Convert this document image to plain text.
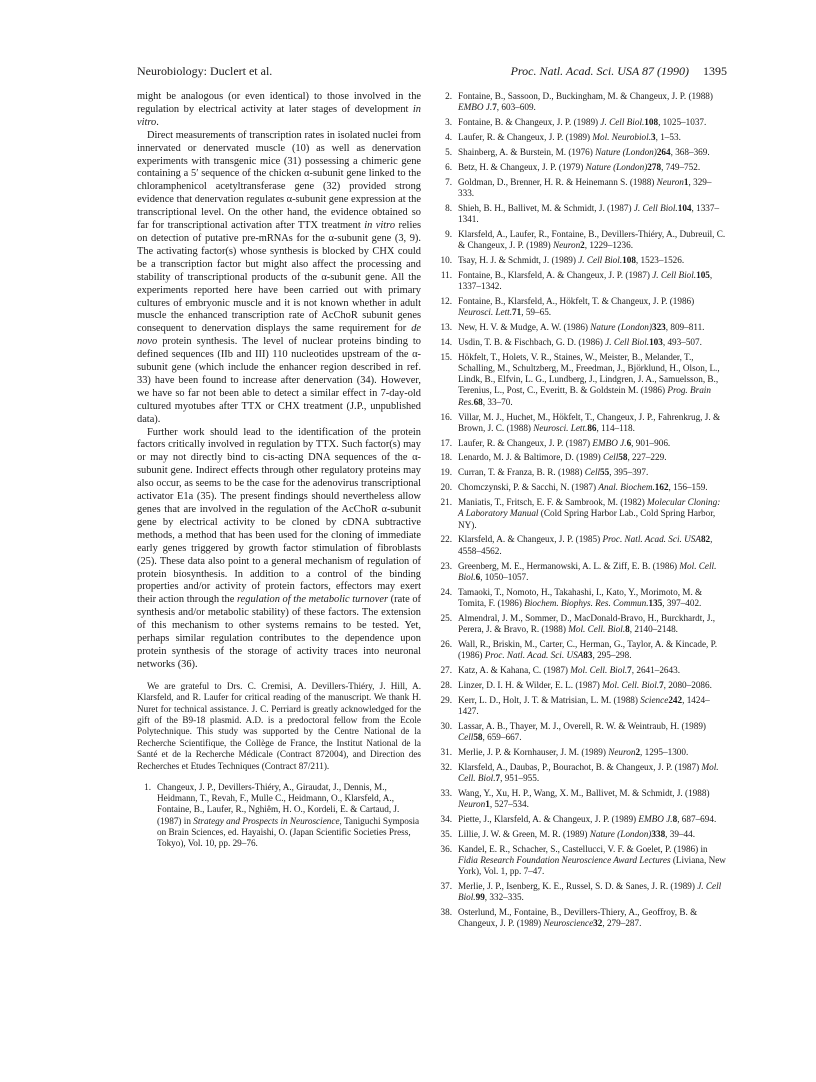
Neurobiology: Duclert et al.	Proc. Natl. Acad. Sci. USA 87 (1990) 1395

might be analogous (or even identical) to those involved in the regulation by electrical activity at later stages of development in vitro.

Direct measurements of transcription rates in isolated nuclei from innervated or denervated muscle (10) as well as denervation experiments with transgenic mice (31) possessing a chimeric gene containing a 5′ sequence of the chicken α-subunit gene linked to the chloramphenicol acetyltransferase gene (32) provided strong evidence that denervation regulates α-subunit gene expression at the transcriptional level. On the other hand, the evidence obtained so far for transcriptional activation after TTX treatment in vitro relies on detection of putative pre-mRNAs for the α-subunit gene (3, 9). The activating factor(s) whose synthesis is blocked by CHX could be a transcription factor but might also affect the processing and stability of transcriptional products of the α-subunit gene. All the experiments reported here have been carried out with primary cultures of embryonic muscle and it is not known whether in adult muscle the enhanced transcription rate of AcChoR subunit genes consequent to denervation displays the same requirement for de novo protein synthesis. The level of nuclear proteins binding to defined sequences (IIb and III) 110 nucleotides upstream of the α-subunit gene (which include the enhancer region described in ref. 33) have been found to increase after denervation (34). However, we have so far not been able to detect a similar effect in 7-day-old cultured myotubes after TTX or CHX treatment (J.P., unpublished data).

Further work should lead to the identification of the protein factors critically involved in regulation by TTX. Such factor(s) may or may not directly bind to cis-acting DNA sequences of the α-subunit gene. Indirect effects through other regulatory proteins may also occur, as seems to be the case for the adenovirus transcriptional activator E1a (35). The present findings should nevertheless allow genes that are involved in the regulation of the AcChoR α-subunit gene by electrical activity to be cloned by cDNA subtractive methods, a method that has been used for the cloning of immediate early genes triggered by growth factor stimulation of fibroblasts (25). These data also point to a general mechanism of regulation of protein biosynthesis. In addition to a control of the binding properties and/or activity of protein factors, effectors may exert their action through the regulation of the metabolic turnover (rate of synthesis and/or metabolic stability) of these factors. The extension of this mechanism to other systems remains to be tested. Yet, perhaps similar regulation contributes to the dependence upon protein synthesis of the storage of activity traces into neuronal networks (36).

We are grateful to Drs. C. Cremisi, A. Devillers-Thiéry, J. Hill, A. Klarsfeld, and R. Laufer for critical reading of the manuscript. We thank H. Nuret for technical assistance. J. C. Perriard is greatly acknowledged for the gift of the B9-18 plasmid. A.D. is a predoctoral fellow from the Ecole Polytechnique. This study was supported by the Centre National de la Recherche Scientifique, the Collège de France, the Institut National de la Santé et de la Recherche Médicale (Contract 872004), and Direction des Recherches et Etudes Techniques (Contract 87/211).

1. Changeux, J. P., Devillers-Thiéry, A., Giraudat, J., Dennis, M., Heidmann, T., Revah, F., Mulle C., Heidmann, O., Klarsfeld, A., Fontaine, B., Laufer, R., Nghiêm, H. O., Kordeli, E. & Cartaud, J. (1987) in Strategy and Prospects in Neuroscience, Taniguchi Symposia on Brain Sciences, ed. Hayaishi, O. (Japan Scientific Societies Press, Tokyo), Vol. 10, pp. 29–76.
2. Fontaine, B., Sassoon, D., Buckingham, M. & Changeux, J. P. (1988) EMBO J.7, 603–609.
3. Fontaine, B. & Changeux, J. P. (1989) J. Cell Biol.108, 1025–1037.
4. Laufer, R. & Changeux, J. P. (1989) Mol. Neurobiol.3, 1–53.
5. Shainberg, A. & Burstein, M. (1976) Nature (London)264, 368–369.
6. Betz, H. & Changeux, J. P. (1979) Nature (London)278, 749–752.
7. Goldman, D., Brenner, H. R. & Heinemann S. (1988) Neuron1, 329–333.
8. Shieh, B. H., Ballivet, M. & Schmidt, J. (1987) J. Cell Biol.104, 1337–1341.
9. Klarsfeld, A., Laufer, R., Fontaine, B., Devillers-Thiéry, A., Dubreuil, C. & Changeux, J. P. (1989) Neuron2, 1229–1236.
10. Tsay, H. J. & Schmidt, J. (1989) J. Cell Biol.108, 1523–1526.
11. Fontaine, B., Klarsfeld, A. & Changeux, J. P. (1987) J. Cell Biol.105, 1337–1342.
12. Fontaine, B., Klarsfeld, A., Hökfelt, T. & Changeux, J. P. (1986) Neurosci. Lett.71, 59–65.
13. New, H. V. & Mudge, A. W. (1986) Nature (London)323, 809–811.
14. Usdin, T. B. & Fischbach, G. D. (1986) J. Cell Biol.103, 493–507.
15. Hökfelt, T., Holets, V. R., Staines, W., Meister, B., Melander, T., Schalling, M., Schultzberg, M., Freedman, J., Björklund, H., Olson, L., Lindk, B., Elfvin, L. G., Lundberg, J., Lindgren, J. A., Samuelsson, B., Terenius, L., Post, C., Everitt, B. & Goldstein M. (1986) Prog. Brain Res.68, 33–70.
16. Villar, M. J., Huchet, M., Hökfelt, T., Changeux, J. P., Fahrenkrug, J. & Brown, J. C. (1988) Neurosci. Lett.86, 114–118.
17. Laufer, R. & Changeux, J. P. (1987) EMBO J.6, 901–906.
18. Lenardo, M. J. & Baltimore, D. (1989) Cell58, 227–229.
19. Curran, T. & Franza, B. R. (1988) Cell55, 395–397.
20. Chomczynski, P. & Sacchi, N. (1987) Anal. Biochem.162, 156–159.
21. Maniatis, T., Fritsch, E. F. & Sambrook, M. (1982) Molecular Cloning: A Laboratory Manual (Cold Spring Harbor Lab., Cold Spring Harbor, NY).
22. Klarsfeld, A. & Changeux, J. P. (1985) Proc. Natl. Acad. Sci. USA82, 4558–4562.
23. Greenberg, M. E., Hermanowski, A. L. & Ziff, E. B. (1986) Mol. Cell. Biol.6, 1050–1057.
24. Tamaoki, T., Nomoto, H., Takahashi, I., Kato, Y., Morimoto, M. & Tomita, F. (1986) Biochem. Biophys. Res. Commun.135, 397–402.
25. Almendral, J. M., Sommer, D., MacDonald-Bravo, H., Burckhardt, J., Perera, J. & Bravo, R. (1988) Mol. Cell. Biol.8, 2140–2148.
26. Wall, R., Briskin, M., Carter, C., Herman, G., Taylor, A. & Kincade, P. (1986) Proc. Natl. Acad. Sci. USA83, 295–298.
27. Katz, A. & Kahana, C. (1987) Mol. Cell. Biol.7, 2641–2643.
28. Linzer, D. I. H. & Wilder, E. L. (1987) Mol. Cell. Biol.7, 2080–2086.
29. Kerr, L. D., Holt, J. T. & Matrisian, L. M. (1988) Science242, 1424–1427.
30. Lassar, A. B., Thayer, M. J., Overell, R. W. & Weintraub, H. (1989) Cell58, 659–667.
31. Merlie, J. P. & Kornhauser, J. M. (1989) Neuron2, 1295–1300.
32. Klarsfeld, A., Daubas, P., Bourachot, B. & Changeux, J. P. (1987) Mol. Cell. Biol.7, 951–955.
33. Wang, Y., Xu, H. P., Wang, X. M., Ballivet, M. & Schmidt, J. (1988) Neuron1, 527–534.
34. Piette, J., Klarsfeld, A. & Changeux, J. P. (1989) EMBO J.8, 687–694.
35. Lillie, J. W. & Green, M. R. (1989) Nature (London)338, 39–44.
36. Kandel, E. R., Schacher, S., Castellucci, V. F. & Goelet, P. (1986) in Fidia Research Foundation Neuroscience Award Lectures (Liviana, New York), Vol. 1, pp. 7–47.
37. Merlie, J. P., Isenberg, K. E., Russel, S. D. & Sanes, J. R. (1989) J. Cell Biol.99, 332–335.
38. Osterlund, M., Fontaine, B., Devillers-Thiery, A., Geoffroy, B. & Changeux, J. P. (1989) Neuroscience32, 279–287.
